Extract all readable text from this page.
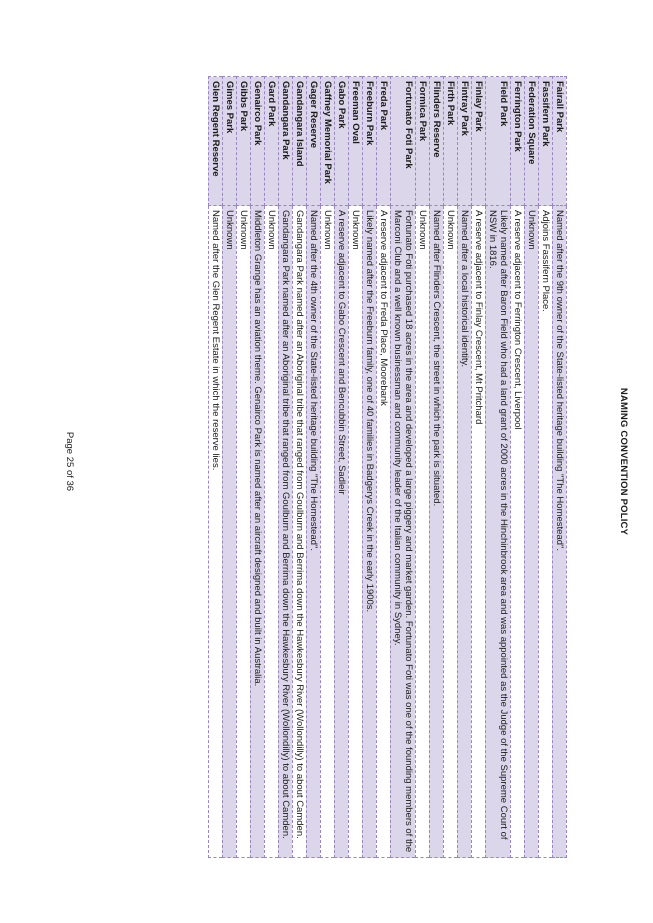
NAMING CONVENTION POLICY
Fairall Park	Named after the 9th owner of the State-listed heritage building "The Homestead".
Fassifern Park	Adjoins Fassifern Place.
Federation Square	Unknown
Ferrington Park	A reserve adjacent to Ferrington Crescent, Liverpool
Field Park	Likely named after Baron Field who had a land grant of 2000 acres in the Hinchinbrook area and was appointed as the Judge of the Supreme Court of NSW in 1816.
Finlay Park	A reserve adjacent to Finlay Crescent, Mt Pritchard
Fintray Park	Named after a local historical identity.
Firth Park	Unknown
Flinders Reserve	Named after Flinders Crescent, the street in which the park is situated.
Formica Park	Unknown
Fortunato Foti Park	Fortunato Foti purchased 18 acres in the area and developed a large piggery and market garden. Fortunato Foti was one of the founding members of the Marconi Club and a well known businessman and community leader of the Italian community in Sydney.
Freda Park	A reserve adjacent to Freda Place, Moorebank
Freeburn Park	Likely named after the Freeburn family, one of 40 families in Badgerys Creek in the early 1900s.
Freeman Oval	Unknown
Gabo Park	A reserve adjacent to Gabo Crescent and Bencubbin Street, Sadleir
Gaffney Memorial Park	Unknown
Gager Reserve	Named after the 4th owner of the State-listed heritage building "The Homestead".
Gandangara Island	Gandangara Park named after an Aboriginal tribe that ranged from Goulburn and Berrima down the Hawkesbury River (Wollondilly) to about Camden.
Gandangara Park	Gandangara Park named after an Aboriginal tribe that ranged from Goulburn and Berrima down the Hawkesbury River (Wollondilly) to about Camden.
Gard Park	Unknown
Genairco Park	Middleton Grange has an aviation theme. Genairco Park is named after an aircraft designed and built in Australia.
Gibbs Park	Unknown
Gimes Park	Unknown
Glen Regent Reserve	Named after the Glen Regent Estate in which the reserve lies.
Page 25 of 36
